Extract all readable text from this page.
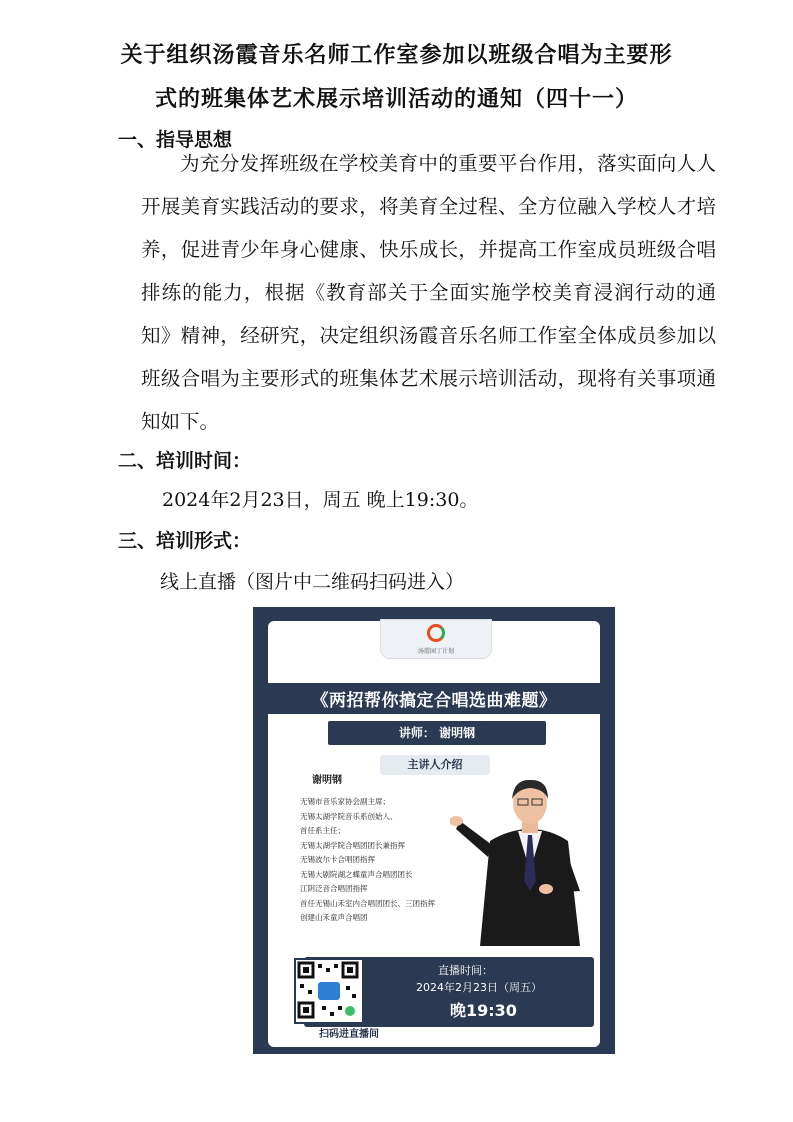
关于组织汤霞音乐名师工作室参加以班级合唱为主要形
式的班集体艺术展示培训活动的通知（四十一）
一、指导思想
为充分发挥班级在学校美育中的重要平台作用，落实面向人人开展美育实践活动的要求，将美育全过程、全方位融入学校人才培养，促进青少年身心健康、快乐成长，并提高工作室成员班级合唱排练的能力，根据《教育部关于全面实施学校美育浸润行动的通知》精神，经研究，决定组织汤霞音乐名师工作室全体成员参加以班级合唱为主要形式的班集体艺术展示培训活动，现将有关事项通知如下。
二、培训时间：
2024年2月23日，周五 晚上19:30。
三、培训形式：
线上直播（图片中二维码扫码进入）
汤霞园丁计划
《两招帮你搞定合唱选曲难题》
讲师： 谢明钢
主讲人介绍
谢明钢
无锡市音乐家协会副主席；
无锡太湖学院音乐系创始人、
首任系主任；
无锡太湖学院合唱团团长兼指挥
无锡波尔卡合唱团指挥
无锡大剧院湖之蝶童声合唱团团长
江阴泛音合唱团指挥
首任无锡山禾室内合唱团团长、三团指挥
创建山禾童声合唱团
扫码进直播间
直播时间：
2024年2月23日（周五）
晚19:30
